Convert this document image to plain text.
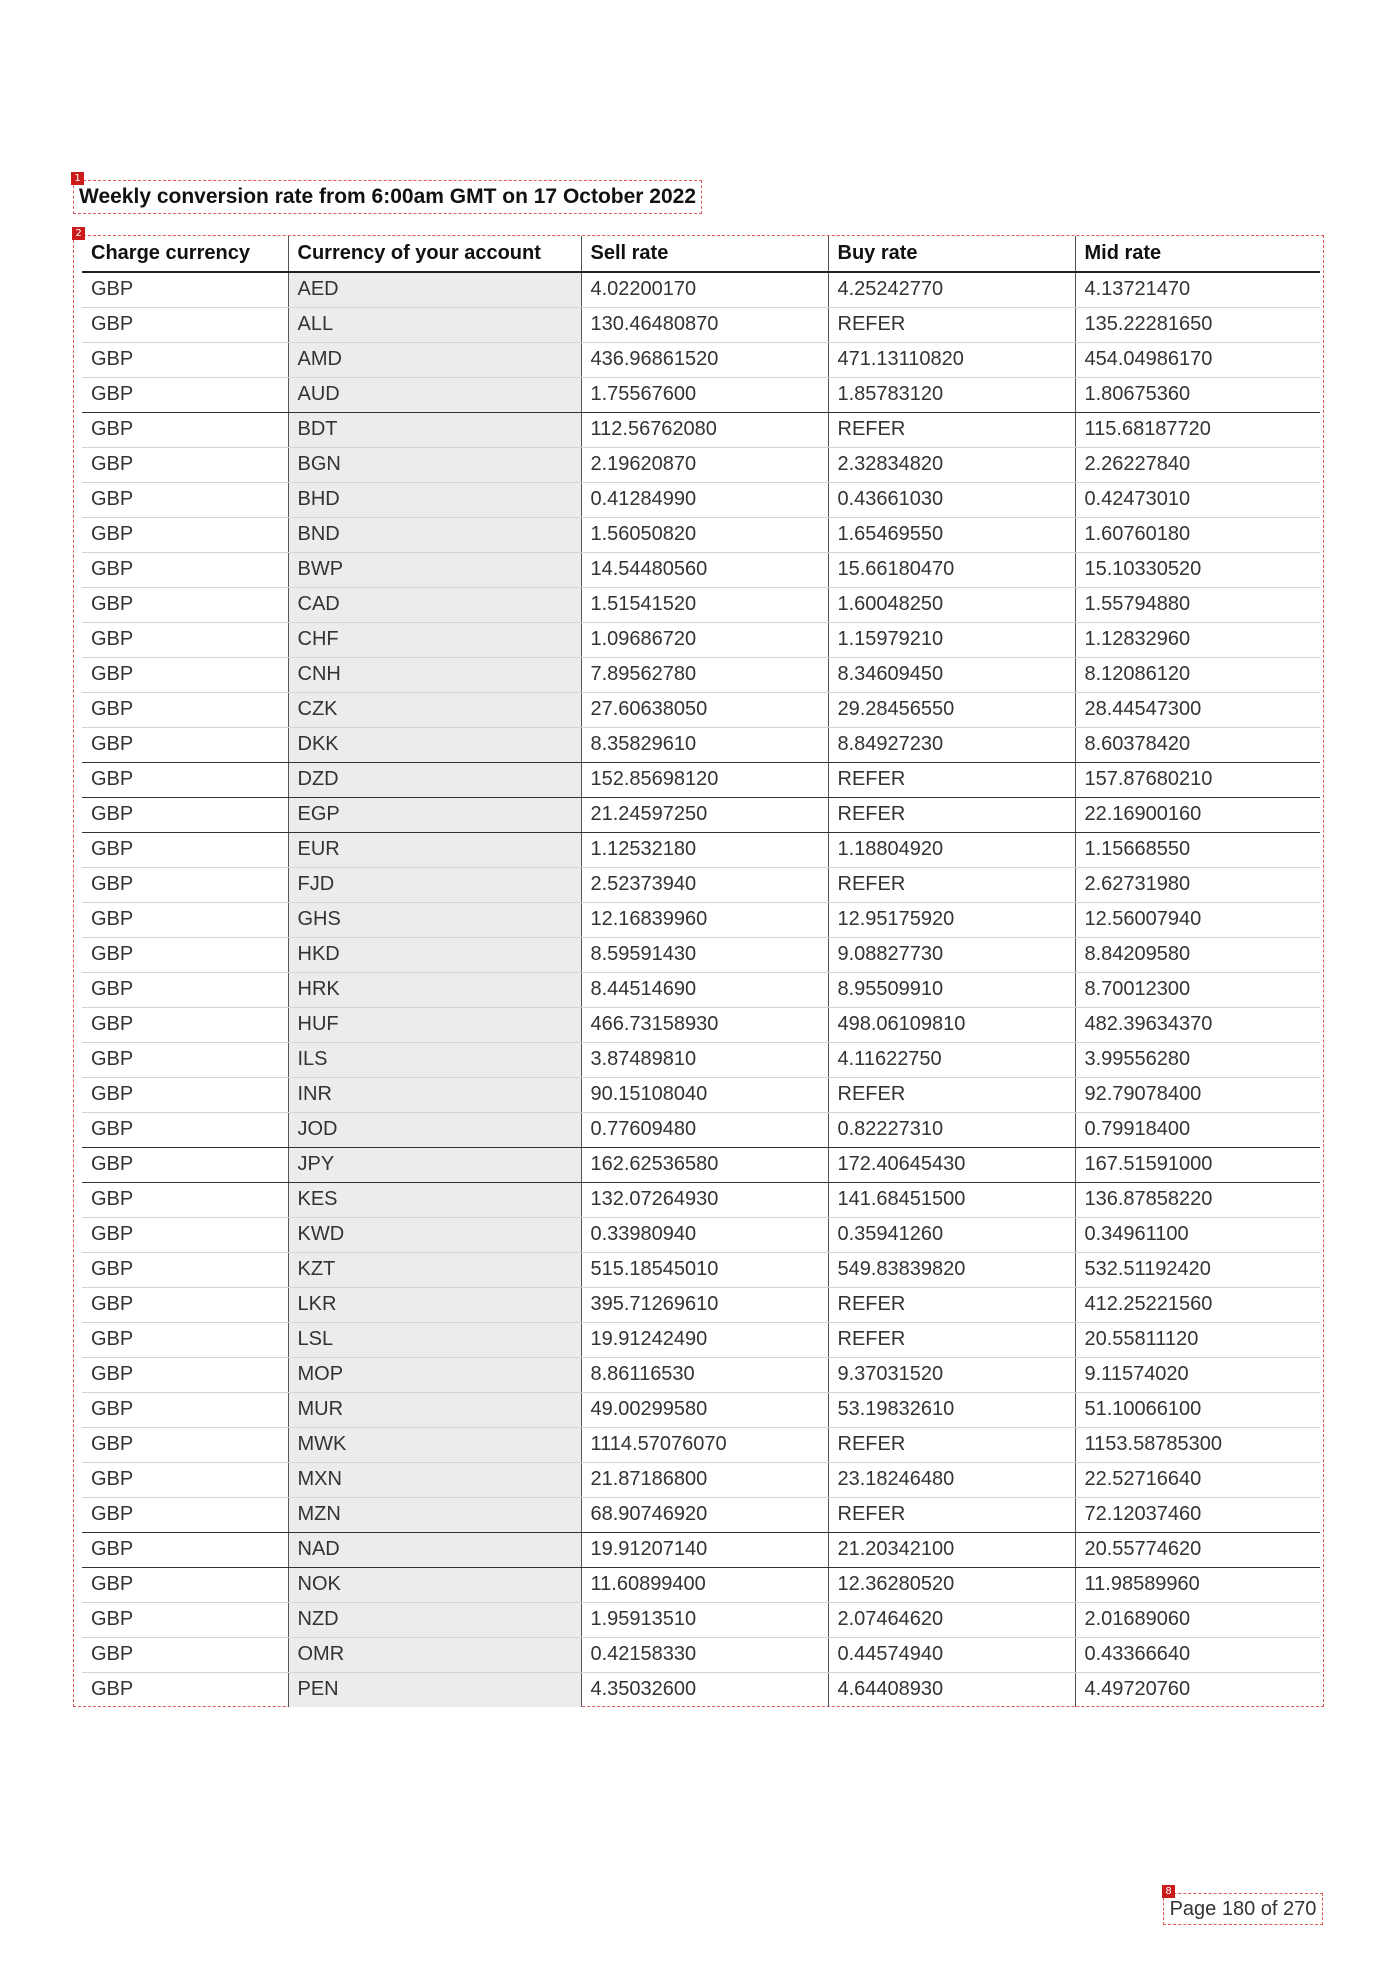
1
Weekly conversion rate from 6:00am GMT on 17 October 2022
2
Charge currency	Currency of your account	Sell rate	Buy rate	Mid rate
GBP	AED	4.02200170	4.25242770	4.13721470
GBP	ALL	130.46480870	REFER	135.22281650
GBP	AMD	436.96861520	471.13110820	454.04986170
GBP	AUD	1.75567600	1.85783120	1.80675360
GBP	BDT	112.56762080	REFER	115.68187720
GBP	BGN	2.19620870	2.32834820	2.26227840
GBP	BHD	0.41284990	0.43661030	0.42473010
GBP	BND	1.56050820	1.65469550	1.60760180
GBP	BWP	14.54480560	15.66180470	15.10330520
GBP	CAD	1.51541520	1.60048250	1.55794880
GBP	CHF	1.09686720	1.15979210	1.12832960
GBP	CNH	7.89562780	8.34609450	8.12086120
GBP	CZK	27.60638050	29.28456550	28.44547300
GBP	DKK	8.35829610	8.84927230	8.60378420
GBP	DZD	152.85698120	REFER	157.87680210
GBP	EGP	21.24597250	REFER	22.16900160
GBP	EUR	1.12532180	1.18804920	1.15668550
GBP	FJD	2.52373940	REFER	2.62731980
GBP	GHS	12.16839960	12.95175920	12.56007940
GBP	HKD	8.59591430	9.08827730	8.84209580
GBP	HRK	8.44514690	8.95509910	8.70012300
GBP	HUF	466.73158930	498.06109810	482.39634370
GBP	ILS	3.87489810	4.11622750	3.99556280
GBP	INR	90.15108040	REFER	92.79078400
GBP	JOD	0.77609480	0.82227310	0.79918400
GBP	JPY	162.62536580	172.40645430	167.51591000
GBP	KES	132.07264930	141.68451500	136.87858220
GBP	KWD	0.33980940	0.35941260	0.34961100
GBP	KZT	515.18545010	549.83839820	532.51192420
GBP	LKR	395.71269610	REFER	412.25221560
GBP	LSL	19.91242490	REFER	20.55811120
GBP	MOP	8.86116530	9.37031520	9.11574020
GBP	MUR	49.00299580	53.19832610	51.10066100
GBP	MWK	1114.57076070	REFER	1153.58785300
GBP	MXN	21.87186800	23.18246480	22.52716640
GBP	MZN	68.90746920	REFER	72.12037460
GBP	NAD	19.91207140	21.20342100	20.55774620
GBP	NOK	11.60899400	12.36280520	11.98589960
GBP	NZD	1.95913510	2.07464620	2.01689060
GBP	OMR	0.42158330	0.44574940	0.43366640
GBP	PEN	4.35032600	4.64408930	4.49720760
8
Page 180 of 270
